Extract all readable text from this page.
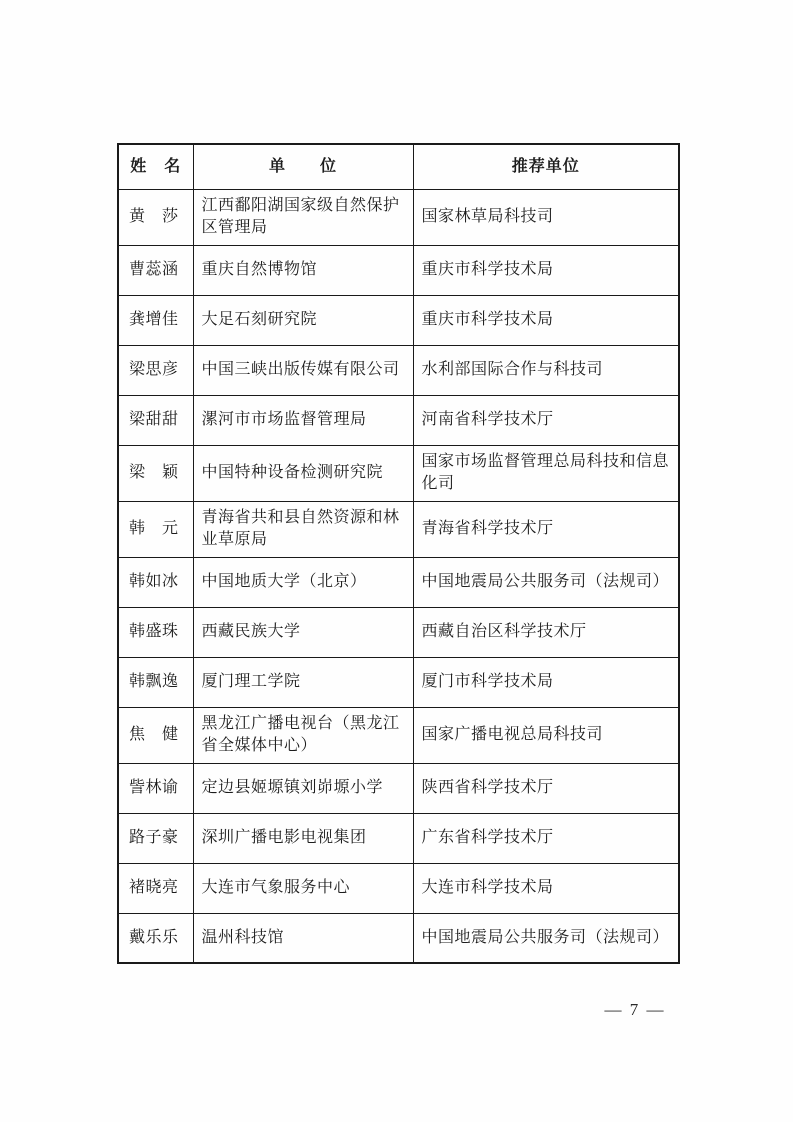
姓　名	单　　位	推荐单位
黄　莎	江西鄱阳湖国家级自然保护区管理局	国家林草局科技司
曹蕊涵	重庆自然博物馆	重庆市科学技术局
龚增佳	大足石刻研究院	重庆市科学技术局
梁思彦	中国三峡出版传媒有限公司	水利部国际合作与科技司
梁甜甜	漯河市市场监督管理局	河南省科学技术厅
梁　颖	中国特种设备检测研究院	国家市场监督管理总局科技和信息化司
韩　元	青海省共和县自然资源和林业草原局	青海省科学技术厅
韩如冰	中国地质大学（北京）	中国地震局公共服务司（法规司）
韩盛珠	西藏民族大学	西藏自治区科学技术厅
韩飘逸	厦门理工学院	厦门市科学技术局
焦　健	黑龙江广播电视台（黑龙江省全媒体中心）	国家广播电视总局科技司
訾林谕	定边县姬塬镇刘峁塬小学	陕西省科学技术厅
路子豪	深圳广播电影电视集团	广东省科学技术厅
褚晓亮	大连市气象服务中心	大连市科学技术局
戴乐乐	温州科技馆	中国地震局公共服务司（法规司）
— 7 —
